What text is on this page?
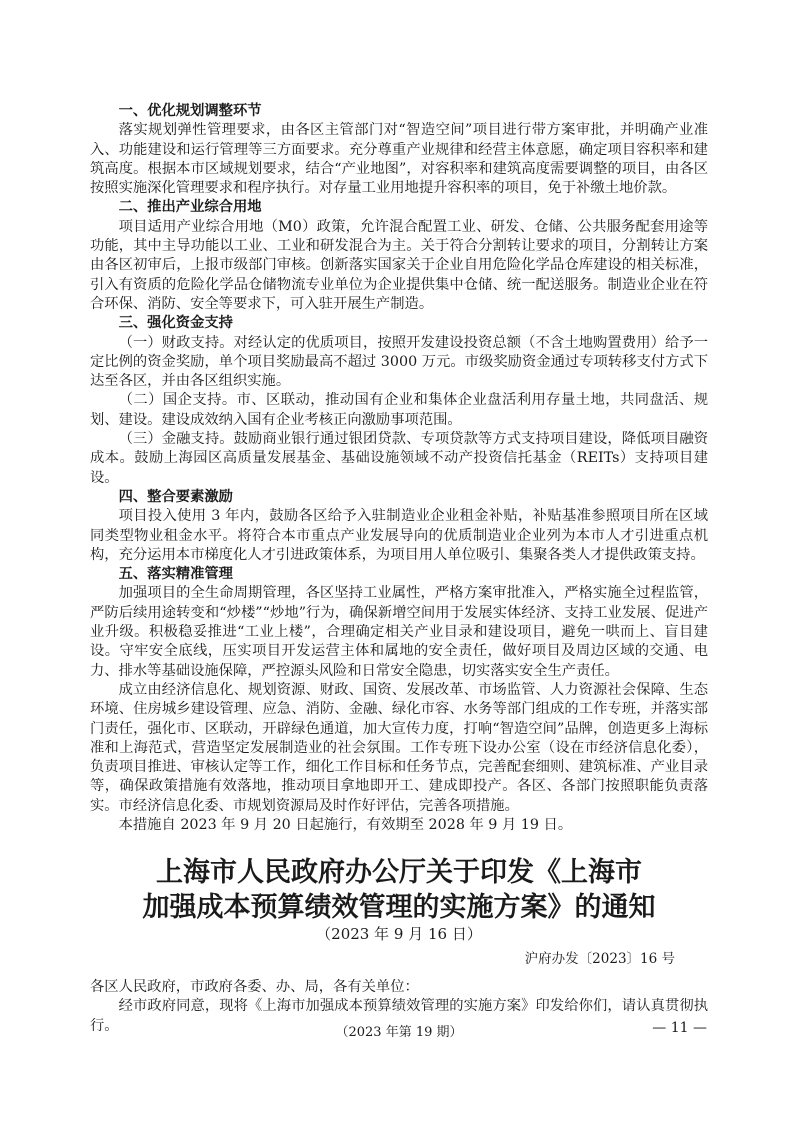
一、优化规划调整环节

落实规划弹性管理要求，由各区主管部门对“智造空间”项目进行带方案审批，并明确产业准入、功能建设和运行管理等三方面要求。充分尊重产业规律和经营主体意愿，确定项目容积率和建筑高度。根据本市区域规划要求，结合“产业地图”，对容积率和建筑高度需要调整的项目，由各区按照实施深化管理要求和程序执行。对存量工业用地提升容积率的项目，免于补缴土地价款。

二、推出产业综合用地

项目适用产业综合用地（M0）政策，允许混合配置工业、研发、仓储、公共服务配套用途等功能，其中主导功能以工业、工业和研发混合为主。关于符合分割转让要求的项目，分割转让方案由各区初审后，上报市级部门审核。创新落实国家关于企业自用危险化学品仓库建设的相关标准，引入有资质的危险化学品仓储物流专业单位为企业提供集中仓储、统一配送服务。制造业企业在符合环保、消防、安全等要求下，可入驻开展生产制造。

三、强化资金支持

（一）财政支持。对经认定的优质项目，按照开发建设投资总额（不含土地购置费用）给予一定比例的资金奖励，单个项目奖励最高不超过 3000 万元。市级奖励资金通过专项转移支付方式下达至各区，并由各区组织实施。

（二）国企支持。市、区联动，推动国有企业和集体企业盘活利用存量土地，共同盘活、规划、建设。建设成效纳入国有企业考核正向激励事项范围。

（三）金融支持。鼓励商业银行通过银团贷款、专项贷款等方式支持项目建设，降低项目融资成本。鼓励上海园区高质量发展基金、基础设施领域不动产投资信托基金（REITs）支持项目建设。

四、整合要素激励

项目投入使用 3 年内，鼓励各区给予入驻制造业企业租金补贴，补贴基准参照项目所在区域同类型物业租金水平。将符合本市重点产业发展导向的优质制造业企业列为本市人才引进重点机构，充分运用本市梯度化人才引进政策体系，为项目用人单位吸引、集聚各类人才提供政策支持。

五、落实精准管理

加强项目的全生命周期管理，各区坚持工业属性，严格方案审批准入，严格实施全过程监管，严防后续用途转变和“炒楼”“炒地”行为，确保新增空间用于发展实体经济、支持工业发展、促进产业升级。积极稳妥推进“工业上楼”，合理确定相关产业目录和建设项目，避免一哄而上、盲目建设。守牢安全底线，压实项目开发运营主体和属地的安全责任，做好项目及周边区域的交通、电力、排水等基础设施保障，严控源头风险和日常安全隐患，切实落实安全生产责任。

成立由经济信息化、规划资源、财政、国资、发展改革、市场监管、人力资源社会保障、生态环境、住房城乡建设管理、应急、消防、金融、绿化市容、水务等部门组成的工作专班，并落实部门责任，强化市、区联动，开辟绿色通道，加大宣传力度，打响“智造空间”品牌，创造更多上海标准和上海范式，营造坚定发展制造业的社会氛围。工作专班下设办公室（设在市经济信息化委），负责项目推进、审核认定等工作，细化工作目标和任务节点，完善配套细则、建筑标准、产业目录等，确保政策措施有效落地，推动项目拿地即开工、建成即投产。各区、各部门按照职能负责落实。市经济信息化委、市规划资源局及时作好评估，完善各项措施。

本措施自 2023 年 9 月 20 日起施行，有效期至 2028 年 9 月 19 日。

上海市人民政府办公厅关于印发《上海市
加强成本预算绩效管理的实施方案》的通知
（2023 年 9 月 16 日）
沪府办发〔2023〕16 号

各区人民政府，市政府各委、办、局，各有关单位：

经市政府同意，现将《上海市加强成本预算绩效管理的实施方案》印发给你们，请认真贯彻执行。	（2023 年第 19 期）	— 11 —
